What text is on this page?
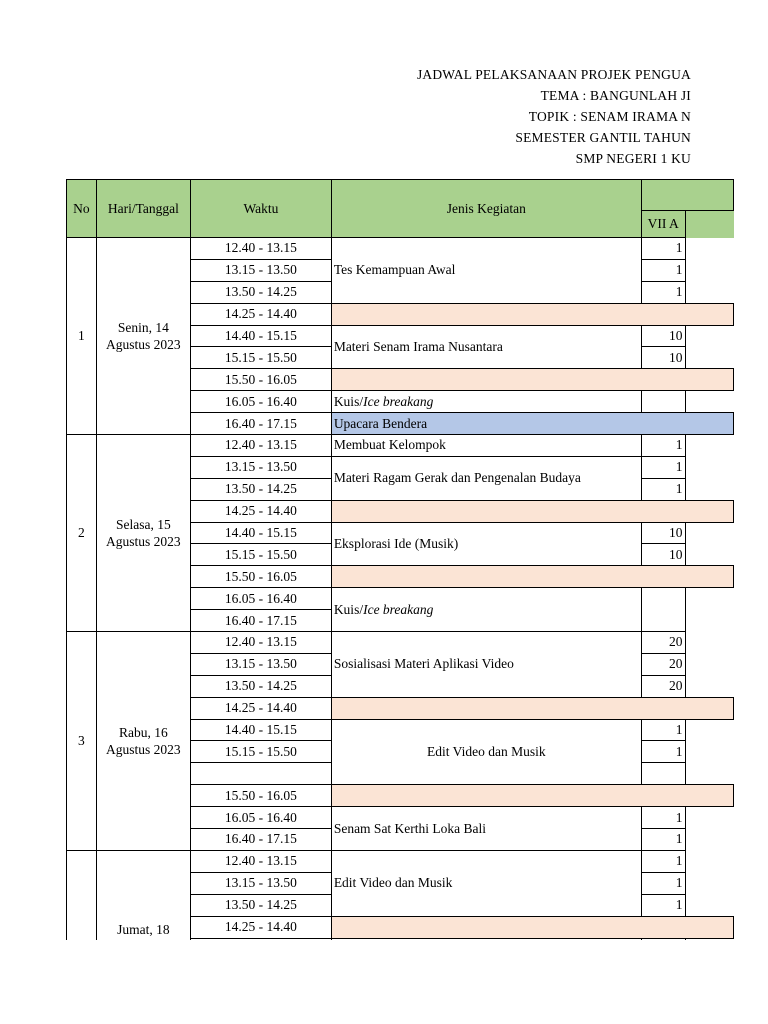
JADWAL PELAKSANAAN PROJEK PENGUA
TEMA : BANGUNLAH JI
TOPIK : SENAM IRAMA N
SEMESTER GANTIL TAHUN
SMP NEGERI 1 KU
No	Hari/Tanggal	Waktu	Jenis Kegiatan		
				VII A	
1	Senin, 14 Agustus 2023	12.40 - 13.15	Tes Kemampuan Awal	1	
		13.15 - 13.50		1	
		13.50 - 14.25		1	
		14.25 - 14.40			
		14.40 - 15.15	Materi Senam Irama Nusantara	10	
		15.15 - 15.50		10	
		15.50 - 16.05			
		16.05 - 16.40	Kuis/Ice breakang		
		16.40 - 17.15	Upacara Bendera		
2	Selasa, 15 Agustus 2023	12.40 - 13.15	Membuat Kelompok	1	
		13.15 - 13.50	Materi Ragam Gerak dan Pengenalan Budaya	1	
		13.50 - 14.25		1	
		14.25 - 14.40			
		14.40 - 15.15	Eksplorasi Ide (Musik)	10	
		15.15 - 15.50		10	
		15.50 - 16.05			
		16.05 - 16.40	Kuis/Ice breakang		
		16.40 - 17.15			
3	Rabu, 16 Agustus 2023	12.40 - 13.15	Sosialisasi Materi Aplikasi Video	20	
		13.15 - 13.50		20	
		13.50 - 14.25		20	
		14.25 - 14.40			
		14.40 - 15.15	Edit Video dan Musik	1	
		15.15 - 15.50		1	

		15.50 - 16.05			
		16.05 - 16.40	Senam Sat Kerthi Loka Bali	1	
		16.40 - 17.15		1	
	Jumat, 18	12.40 - 13.15	Edit Video dan Musik	1	
		13.15 - 13.50		1	
		13.50 - 14.25		1	
		14.25 - 14.40			
